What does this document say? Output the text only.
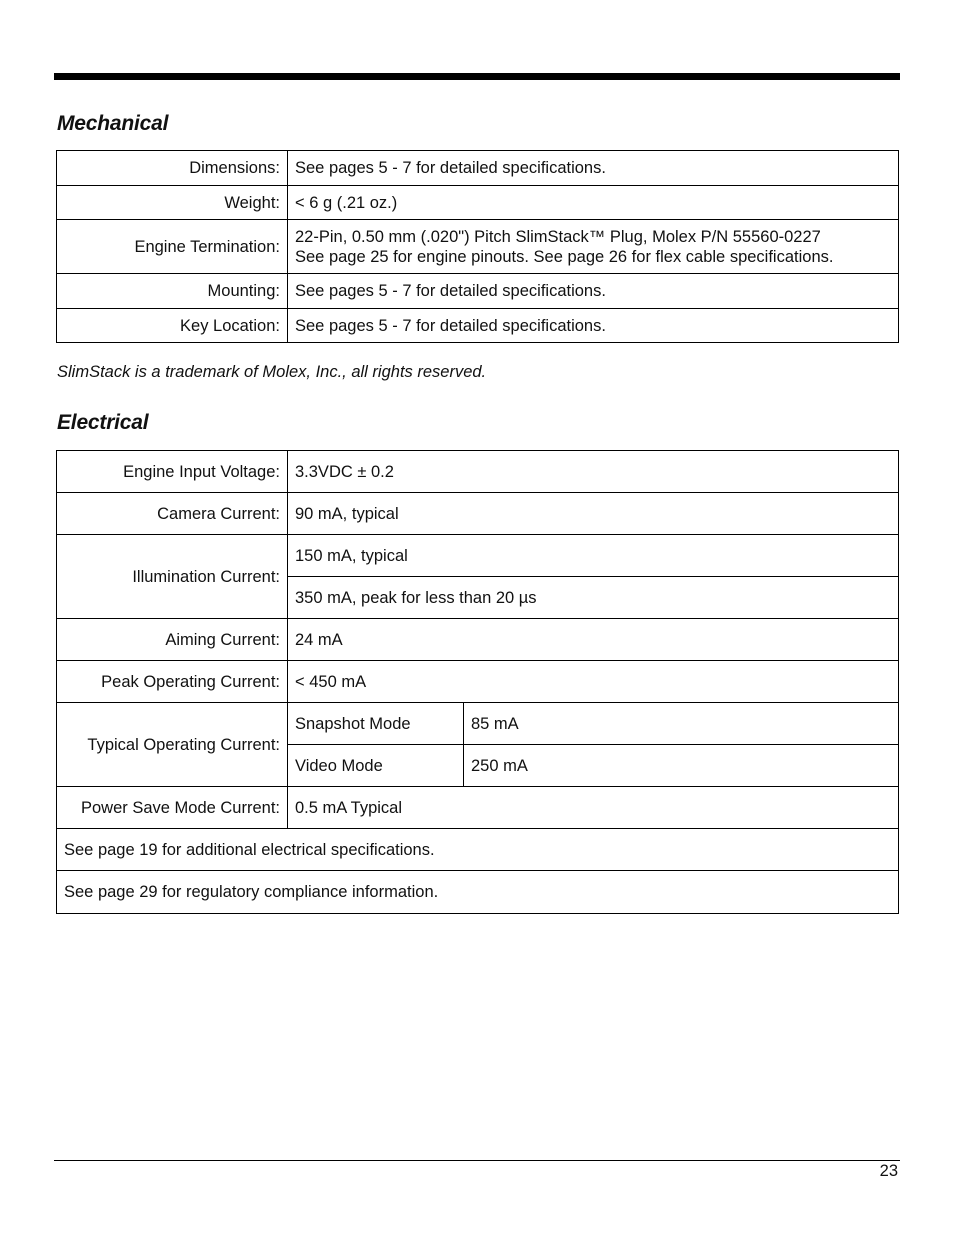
Mechanical
Dimensions:	See pages 5 - 7 for detailed specifications.
Weight:	< 6 g (.21 oz.)
Engine Termination:	22-Pin, 0.50 mm (.020") Pitch SlimStack™ Plug, Molex P/N 55560-0227
See page 25 for engine pinouts. See page 26 for flex cable specifications.

Mounting:	See pages 5 - 7 for detailed specifications.
Key Location:	See pages 5 - 7 for detailed specifications.

SlimStack is a trademark of Molex, Inc., all rights reserved.

Electrical
Engine Input Voltage:	3.3VDC ± 0.2	
Camera Current:	90 mA, typical	
Illumination Current:	150 mA, typical	
	350 mA, peak for less than 20 µs	
Aiming Current:	24 mA	
Peak Operating Current:	< 450 mA	
Typical Operating Current:	Snapshot Mode	85 mA
	Video Mode	250 mA
Power Save Mode Current:	0.5 mA Typical	
See page 19 for additional electrical specifications.		
See page 29 for regulatory compliance information.		
23
